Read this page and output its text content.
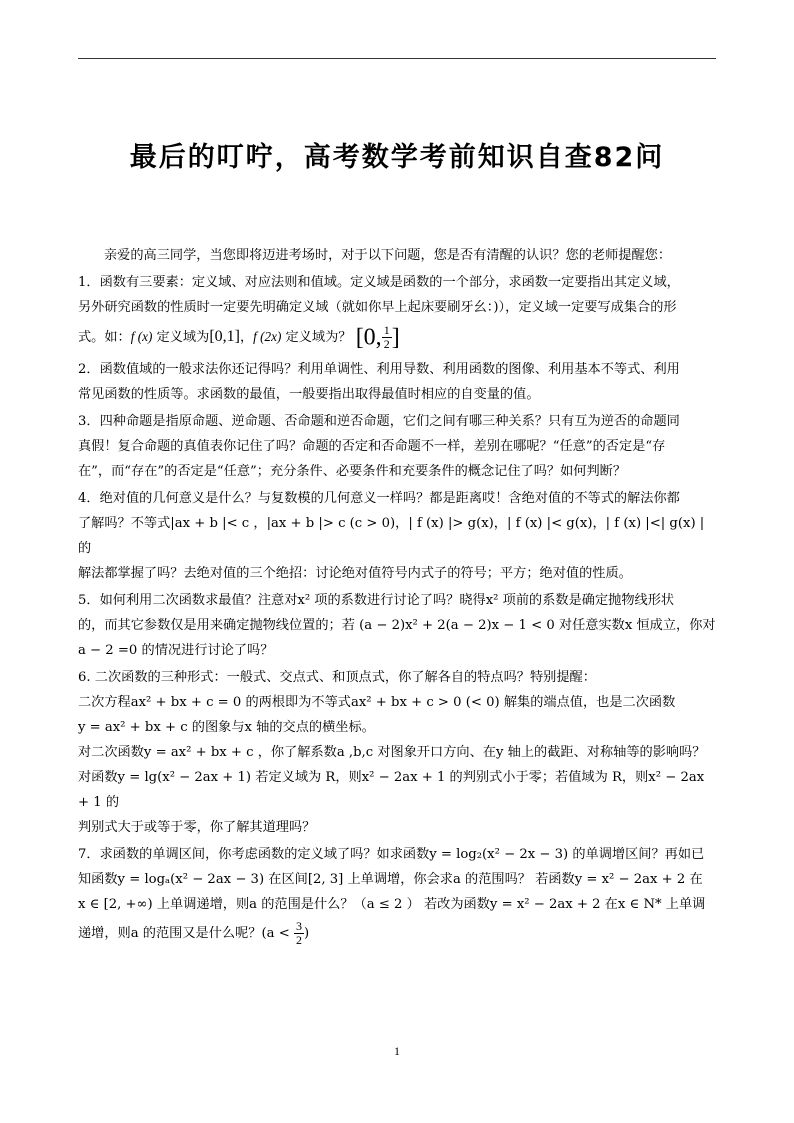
最后的叮咛，高考数学考前知识自查82问
亲爱的高三同学，当您即将迈进考场时，对于以下问题，您是否有清醒的认识？您的老师提醒您：
1．函数有三要素：定义域、对应法则和值域。定义域是函数的一个部分，求函数一定要指出其定义域，
另外研究函数的性质时一定要先明确定义域（就如你早上起床要刷牙幺：)），定义域一定要写成集合的形
式。如：f (x) 定义域为[0,1]，f (2x) 定义域为？ [0, $\frac{1}{2}$ ]
2．函数值域的一般求法你还记得吗？利用单调性、利用导数、利用函数的图像、利用基本不等式、利用
常见函数的性质等。求函数的最值，一般要指出取得最值时相应的自变量的值。
3．四种命题是指原命题、逆命题、否命题和逆否命题，它们之间有哪三种关系？只有互为逆否的命题同
真假！复合命题的真值表你记住了吗？命题的否定和否命题不一样，差别在哪呢？“任意”的否定是“存
在”，而“存在”的否定是“任意”；充分条件、必要条件和充要条件的概念记住了吗？如何判断？
4．绝对值的几何意义是什么？与复数模的几何意义一样吗？都是距离哎！含绝对值的不等式的解法你都
了解吗？不等式|ax + b |< c ，|ax + b |> c (c > 0)，| f (x) |> g(x)，| f (x) |< g(x)，| f (x) |<| g(x) | 的
解法都掌握了吗？去绝对值的三个绝招：讨论绝对值符号内式子的符号；平方；绝对值的性质。
5．如何利用二次函数求最值？注意对x² 项的系数进行讨论了吗？晓得x² 项前的系数是确定抛物线形状
的，而其它参数仅是用来确定抛物线位置的；若 (a − 2)x² + 2(a − 2)x − 1 < 0 对任意实数x 恒成立，你对
a − 2 =0 的情况进行讨论了吗？
6. 二次函数的三种形式：一般式、交点式、和顶点式，你了解各自的特点吗？特别提醒：
二次方程ax² + bx + c = 0 的两根即为不等式ax² + bx + c > 0 (< 0) 解集的端点值，也是二次函数
y = ax² + bx + c 的图象与x 轴的交点的横坐标。
对二次函数y = ax² + bx + c ，你了解系数a ,b,c 对图象开口方向、在y 轴上的截距、对称轴等的影响吗？
对函数y = lg(x² − 2ax + 1) 若定义域为 R，则x² − 2ax + 1 的判别式小于零；若值域为 R，则x² − 2ax + 1 的
判别式大于或等于零，你了解其道理吗？
7．求函数的单调区间，你考虑函数的定义域了吗？如求函数y = log₂(x² − 2x − 3) 的单调增区间？再如已
知函数y = logₐ(x² − 2ax − 3) 在区间[2, 3] 上单调增，你会求a 的范围吗？ 若函数y = x² − 2ax + 2 在
x ∈ [2, +∞) 上单调递增，则a 的范围是什么？（a ≤ 2 ） 若改为函数y = x² − 2ax + 2 在x ∈ N* 上单调
递增，则a 的范围又是什么呢？($a < \frac{3}{2}$ )
1
